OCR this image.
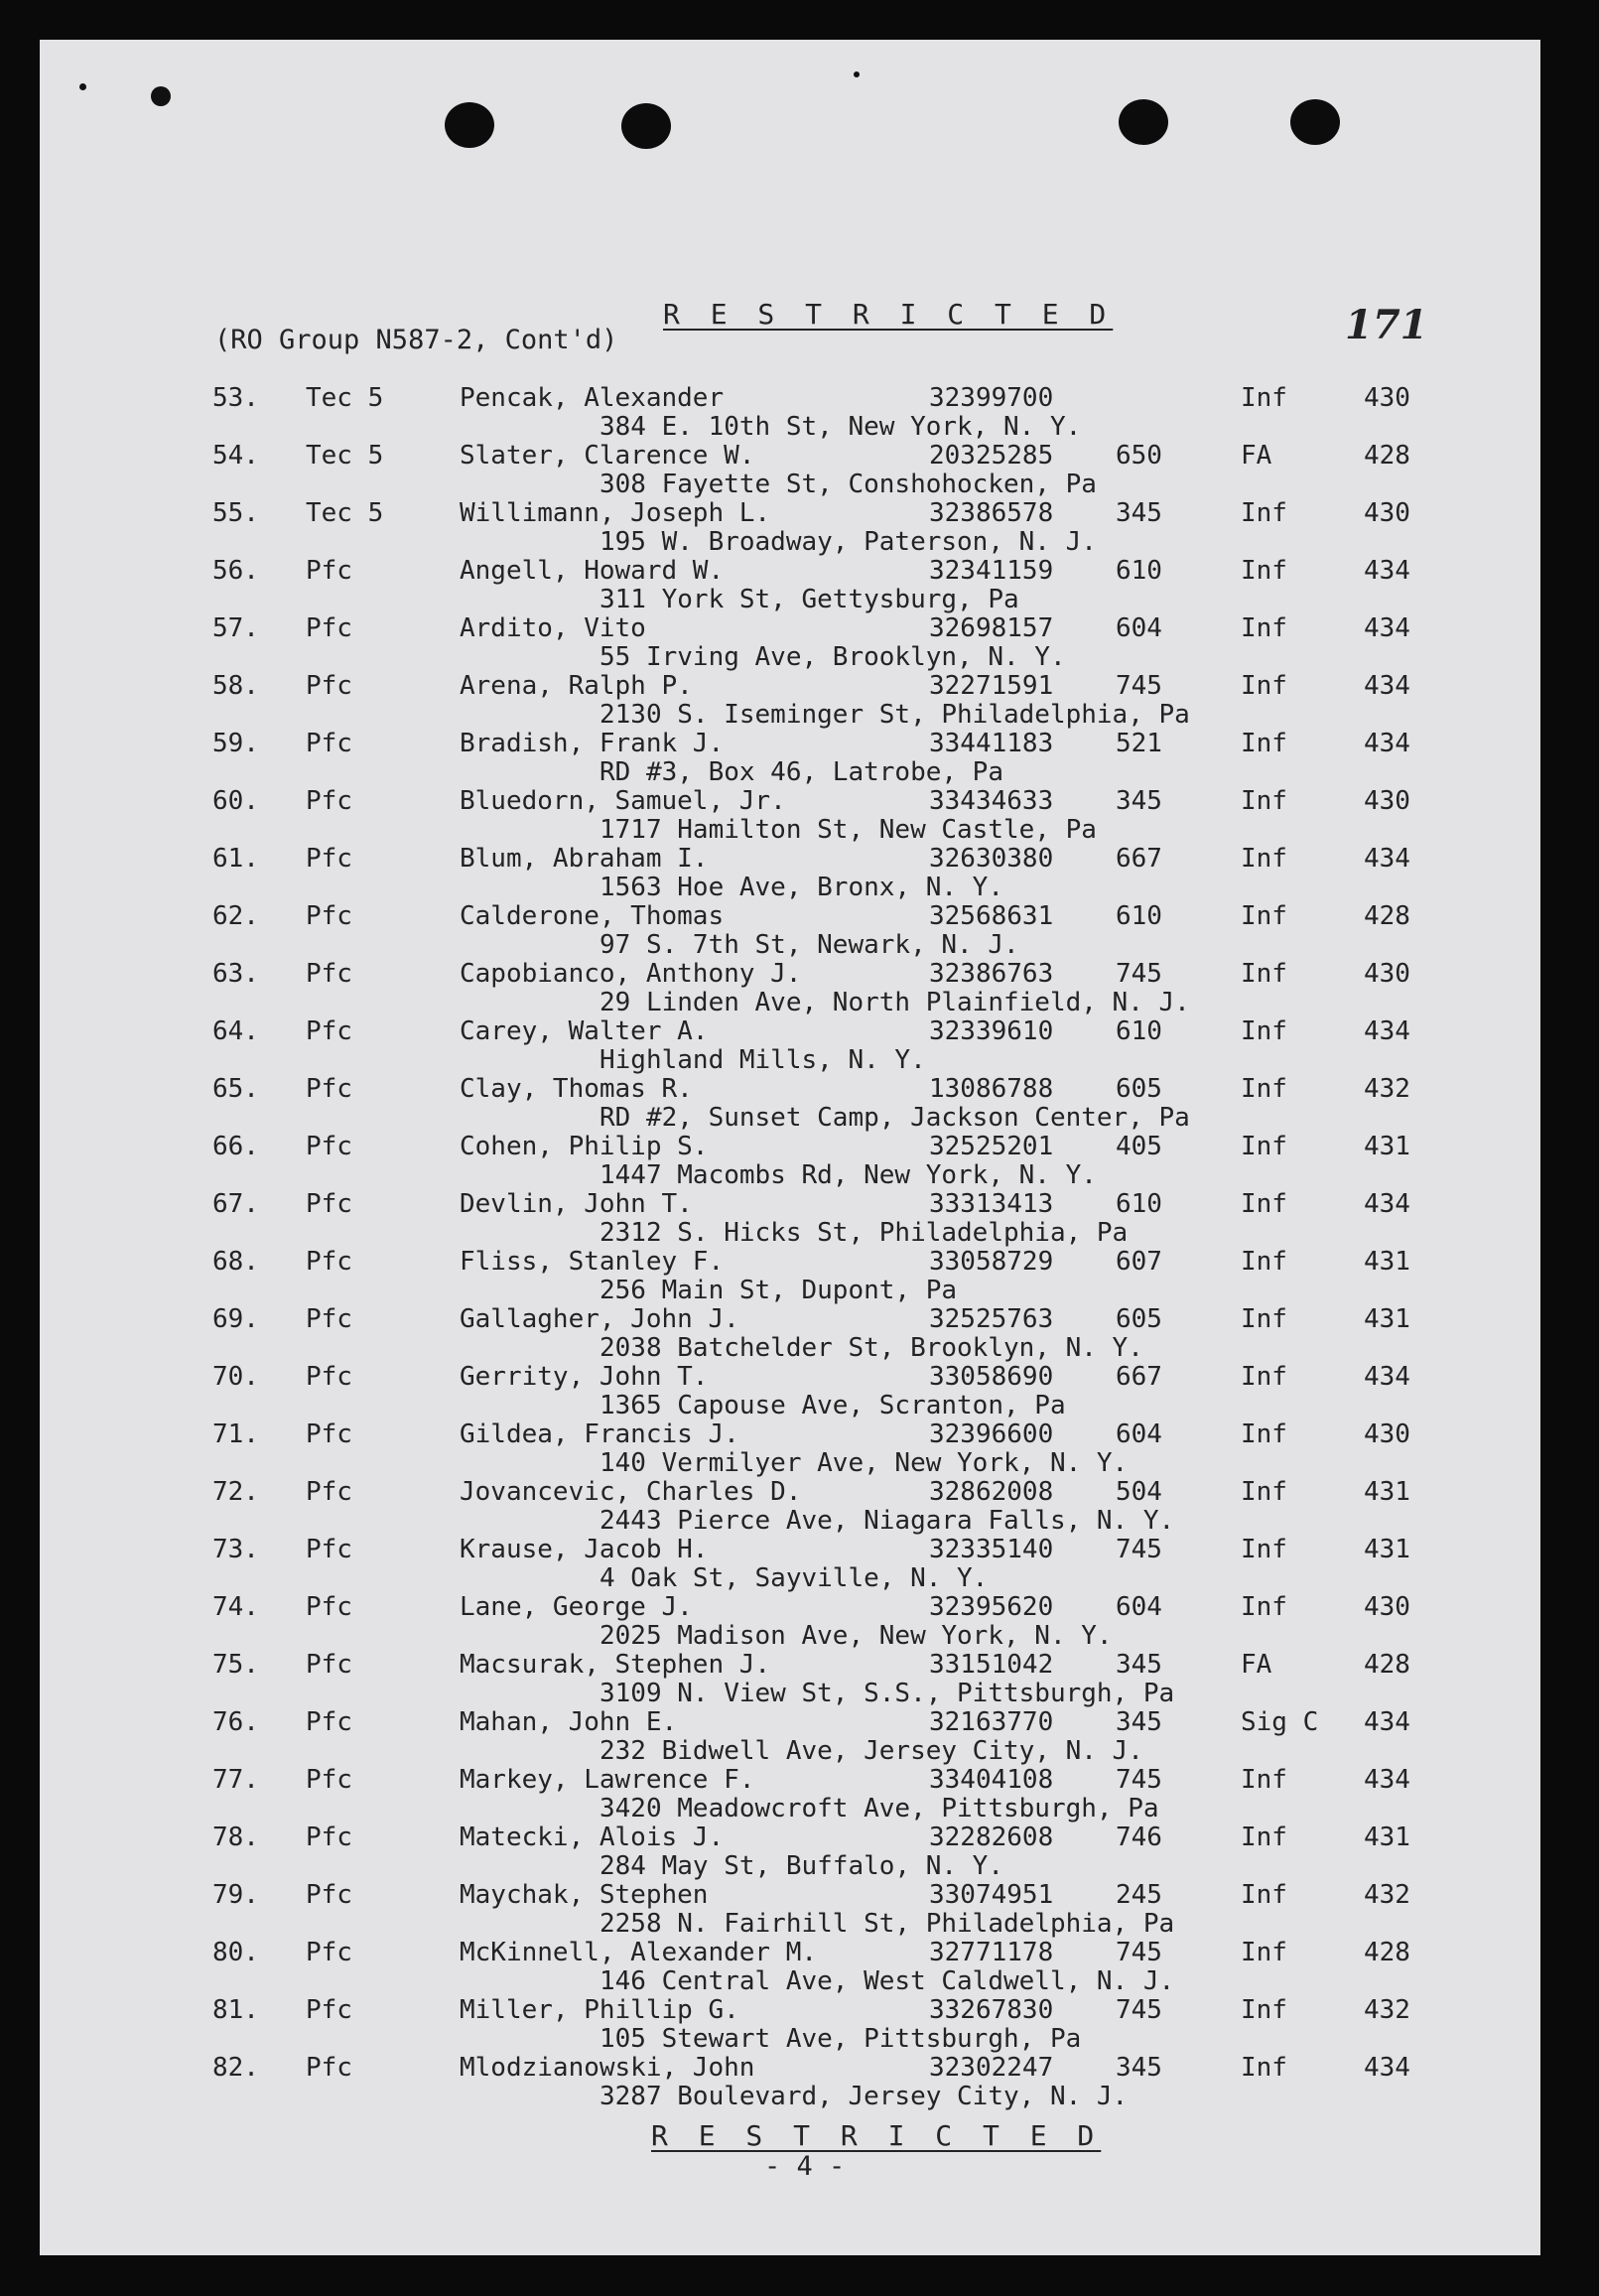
R E S T R I C T E D
(RO Group N587-2, Cont'd)	171
53. Tec 5	Pencak, Alexander	32399700	Inf	430
384 E. 10th St, New York, N. Y.
54. Tec 5	Slater, Clarence W.	20325285 650	FA	428
308 Fayette St, Conshohocken, Pa
55. Tec 5	Willimann, Joseph L.	32386578 345	Inf	430
195 W. Broadway, Paterson, N. J.
56. Pfc	Angell, Howard W.	32341159 610	Inf	434
311 York St, Gettysburg, Pa
57. Pfc	Ardito, Vito	32698157 604	Inf	434
55 Irving Ave, Brooklyn, N. Y.
58. Pfc	Arena, Ralph P.	32271591 745	Inf	434
2130 S. Iseminger St, Philadelphia, Pa
59. Pfc	Bradish, Frank J.	33441183 521	Inf	434
RD #3, Box 46, Latrobe, Pa
60. Pfc	Bluedorn, Samuel, Jr.	33434633 345	Inf	430
1717 Hamilton St, New Castle, Pa
61. Pfc	Blum, Abraham I.	32630380 667	Inf	434
1563 Hoe Ave, Bronx, N. Y.
62. Pfc	Calderone, Thomas	32568631 610	Inf	428
97 S. 7th St, Newark, N. J.
63. Pfc	Capobianco, Anthony J.	32386763 745	Inf	430
29 Linden Ave, North Plainfield, N. J.
64. Pfc	Carey, Walter A.	32339610 610	Inf	434
Highland Mills, N. Y.
65. Pfc	Clay, Thomas R.	13086788 605	Inf	432
RD #2, Sunset Camp, Jackson Center, Pa
66. Pfc	Cohen, Philip S.	32525201 405	Inf	431
1447 Macombs Rd, New York, N. Y.
67. Pfc	Devlin, John T.	33313413 610	Inf	434
2312 S. Hicks St, Philadelphia, Pa
68. Pfc	Fliss, Stanley F.	33058729 607	Inf	431
256 Main St, Dupont, Pa
69. Pfc	Gallagher, John J.	32525763 605	Inf	431
2038 Batchelder St, Brooklyn, N. Y.
70. Pfc	Gerrity, John T.	33058690 667	Inf	434
1365 Capouse Ave, Scranton, Pa
71. Pfc	Gildea, Francis J.	32396600 604	Inf	430
140 Vermilyer Ave, New York, N. Y.
72. Pfc	Jovancevic, Charles D.	32862008 504	Inf	431
2443 Pierce Ave, Niagara Falls, N. Y.
73. Pfc	Krause, Jacob H.	32335140 745	Inf	431
4 Oak St, Sayville, N. Y.
74. Pfc	Lane, George J.	32395620 604	Inf	430
2025 Madison Ave, New York, N. Y.
75. Pfc	Macsurak, Stephen J.	33151042 345	FA	428
3109 N. View St, S.S., Pittsburgh, Pa
76. Pfc	Mahan, John E.	32163770 345	Sig C 434
232 Bidwell Ave, Jersey City, N. J.
77. Pfc	Markey, Lawrence F.	33404108 745	Inf	434
3420 Meadowcroft Ave, Pittsburgh, Pa
78. Pfc	Matecki, Alois J.	32282608 746	Inf	431
284 May St, Buffalo, N. Y.
79. Pfc	Maychak, Stephen	33074951 245	Inf	432
2258 N. Fairhill St, Philadelphia, Pa
80. Pfc	McKinnell, Alexander M.	32771178 745	Inf	428
146 Central Ave, West Caldwell, N. J.
81. Pfc	Miller, Phillip G.	33267830 745	Inf	432
105 Stewart Ave, Pittsburgh, Pa
82. Pfc	Mlodzianowski, John	32302247 345	Inf	434
3287 Boulevard, Jersey City, N. J.
R E S T R I C T E D
- 4 -
